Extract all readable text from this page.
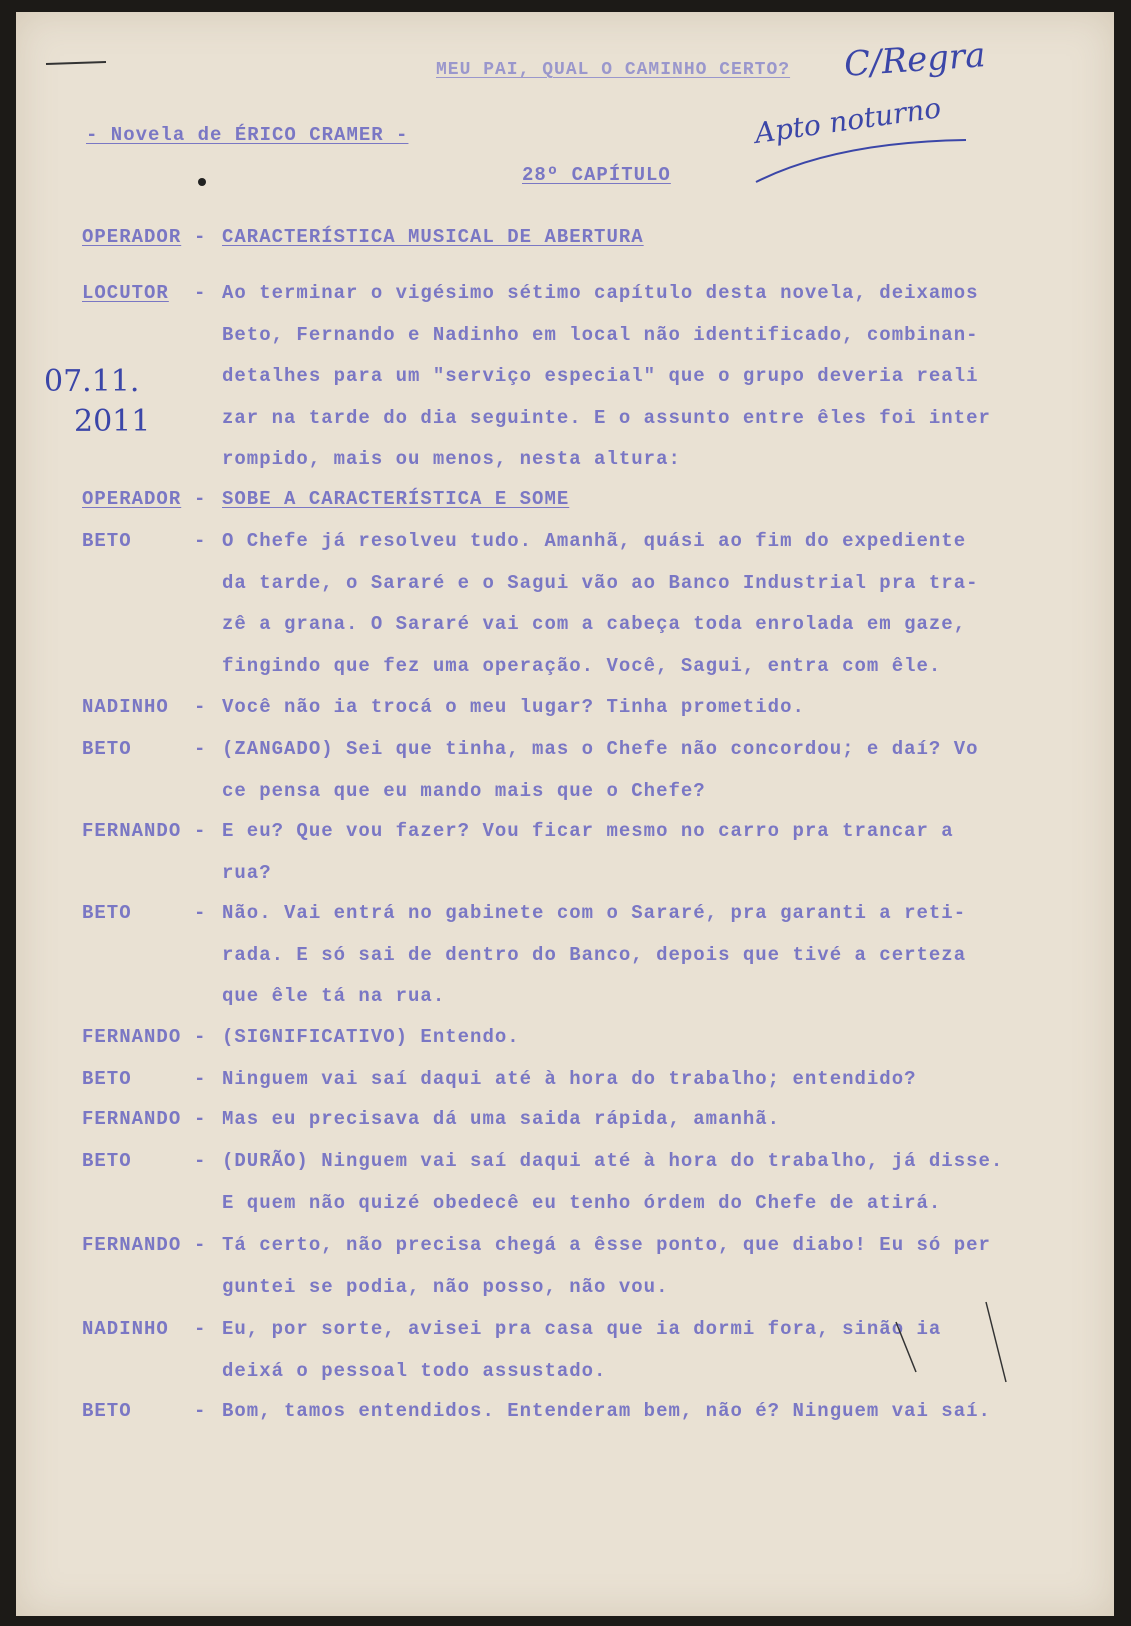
MEU PAI, QUAL O CAMINHO CERTO? C/Regra
Apto noturno
- Novela de ÉRICO CRAMER -
28º CAPÍTULO
07.11.
2011
OPERADOR - CARACTERÍSTICA MUSICAL DE ABERTURA
LOCUTOR - Ao terminar o vigésimo sétimo capítulo desta novela, deixamos
Beto, Fernando e Nadinho em local não identificado, combinan-
detalhes para um "serviço especial" que o grupo deveria reali
zar na tarde do dia seguinte. E o assunto entre êles foi inter
rompido, mais ou menos, nesta altura:
OPERADOR - SOBE A CARACTERÍSTICA E SOME
BETO	- O Chefe já resolveu tudo. Amanhã, quási ao fim do expediente
da tarde, o Sararé e o Sagui vão ao Banco Industrial pra tra-
zê a grana. O Sararé vai com a cabeça toda enrolada em gaze,
fingindo que fez uma operação. Você, Sagui, entra com êle.
NADINHO - Você não ia trocá o meu lugar? Tinha prometido.
BETO	- (ZANGADO) Sei que tinha, mas o Chefe não concordou; e daí? Vo
ce pensa que eu mando mais que o Chefe?
FERNANDO - E eu? Que vou fazer? Vou ficar mesmo no carro pra trancar a
rua?
BETO	- Não. Vai entrá no gabinete com o Sararé, pra garanti a reti-
rada. E só sai de dentro do Banco, depois que tivé a certeza
que êle tá na rua.
FERNANDO - (SIGNIFICATIVO) Entendo.
BETO	- Ninguem vai saí daqui até à hora do trabalho; entendido?
FERNANDO - Mas eu precisava dá uma saida rápida, amanhã.
BETO	- (DURÃO) Ninguem vai saí daqui até à hora do trabalho, já disse.
E quem não quizé obedecê eu tenho órdem do Chefe de atirá.
FERNANDO - Tá certo, não precisa chegá a êsse ponto, que diabo! Eu só per
guntei se podia, não posso, não vou.
NADINHO - Eu, por sorte, avisei pra casa que ia dormi fora, sinão ia
deixá o pessoal todo assustado.
BETO	- Bom, tamos entendidos. Entenderam bem, não é? Ninguem vai saí.
